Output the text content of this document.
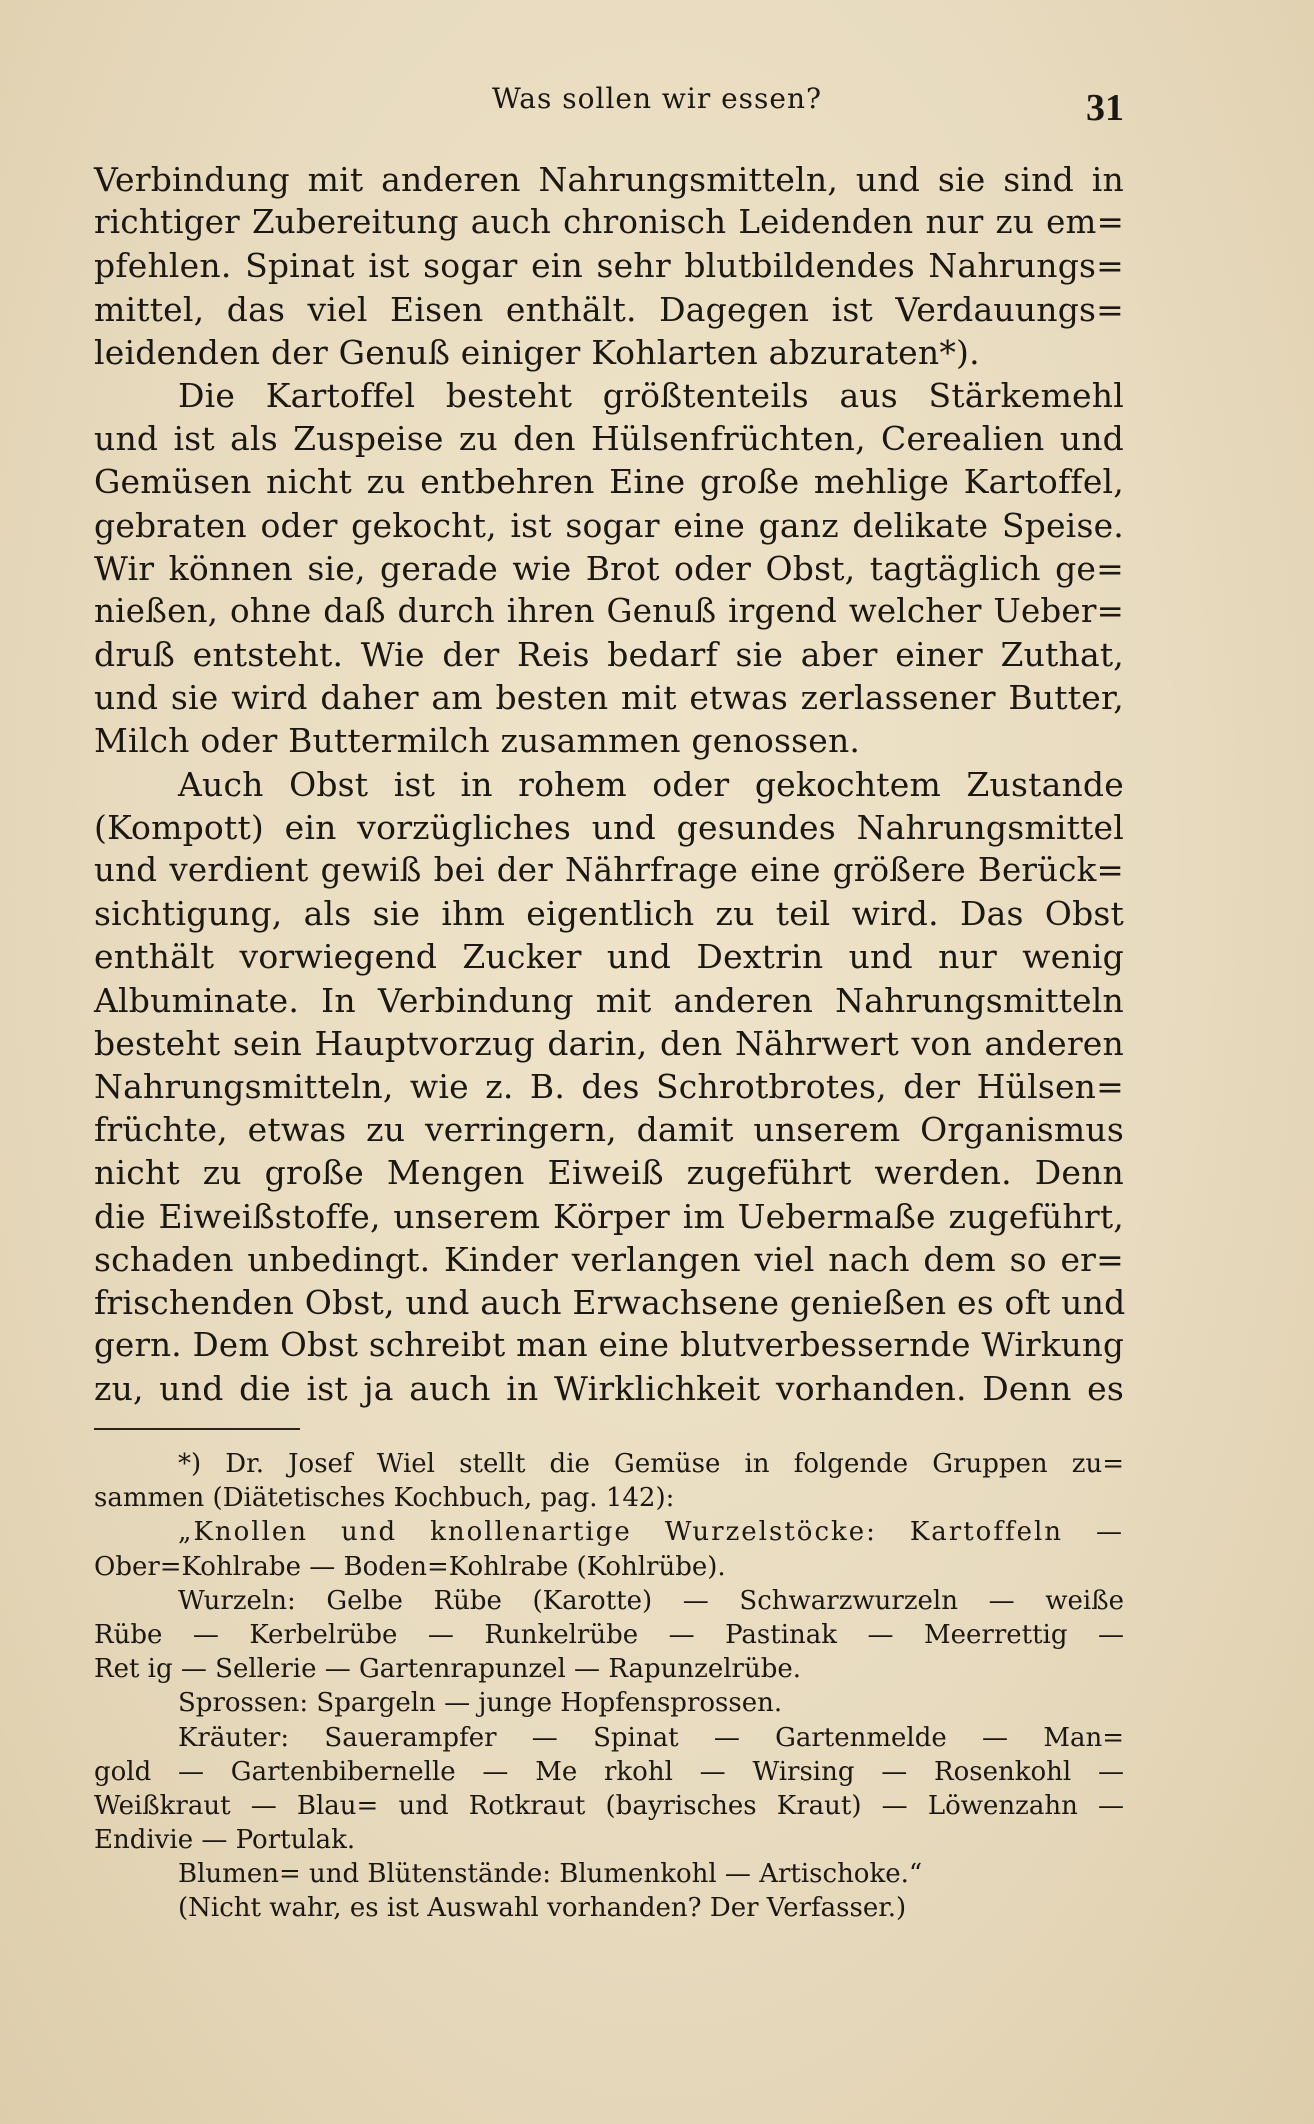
Was sollen wir essen?	31
Verbindung mit anderen Nahrungsmitteln, und sie sind in
richtiger Zubereitung auch chronisch Leidenden nur zu em=
pfehlen. Spinat ist sogar ein sehr blutbildendes Nahrungs=
mittel, das viel Eisen enthält. Dagegen ist Verdauungs=
leidenden der Genuß einiger Kohlarten abzuraten*).
Die Kartoffel besteht größtenteils aus Stärkemehl
und ist als Zuspeise zu den Hülsenfrüchten, Cerealien und
Gemüsen nicht zu entbehren Eine große mehlige Kartoffel,
gebraten oder gekocht, ist sogar eine ganz delikate Speise.
Wir können sie, gerade wie Brot oder Obst, tagtäglich ge=
nießen, ohne daß durch ihren Genuß irgend welcher Ueber=
druß entsteht. Wie der Reis bedarf sie aber einer Zuthat,
und sie wird daher am besten mit etwas zerlassener Butter,
Milch oder Buttermilch zusammen genossen.
Auch Obst ist in rohem oder gekochtem Zustande
(Kompott) ein vorzügliches und gesundes Nahrungsmittel
und verdient gewiß bei der Nährfrage eine größere Berück=
sichtigung, als sie ihm eigentlich zu teil wird. Das Obst
enthält vorwiegend Zucker und Dextrin und nur wenig
Albuminate. In Verbindung mit anderen Nahrungsmitteln
besteht sein Hauptvorzug darin, den Nährwert von anderen
Nahrungsmitteln, wie z. B. des Schrotbrotes, der Hülsen=
früchte, etwas zu verringern, damit unserem Organismus
nicht zu große Mengen Eiweiß zugeführt werden. Denn
die Eiweißstoffe, unserem Körper im Uebermaße zugeführt,
schaden unbedingt. Kinder verlangen viel nach dem so er=
frischenden Obst, und auch Erwachsene genießen es oft und
gern. Dem Obst schreibt man eine blutverbessernde Wirkung
zu, und die ist ja auch in Wirklichkeit vorhanden. Denn es
*) Dr. Josef Wiel stellt die Gemüse in folgende Gruppen zu=
sammen (Diätetisches Kochbuch, pag. 142):
„Knollen und knollenartige Wurzelstöcke: Kartoffeln —
Ober=Kohlrabe — Boden=Kohlrabe (Kohlrübe).
Wurzeln: Gelbe Rübe (Karotte) — Schwarzwurzeln — weiße
Rübe — Kerbelrübe — Runkelrübe — Pastinak — Meerrettig —
Ret ig — Sellerie — Gartenrapunzel — Rapunzelrübe.
Sprossen: Spargeln — junge Hopfensprossen.
Kräuter: Sauerampfer — Spinat — Gartenmelde — Man=
gold — Gartenbibernelle — Me rkohl — Wirsing — Rosenkohl —
Weißkraut — Blau= und Rotkraut (bayrisches Kraut) — Löwenzahn —
Endivie — Portulak.
Blumen= und Blütenstände: Blumenkohl — Artischoke.“
(Nicht wahr, es ist Auswahl vorhanden? Der Verfasser.)
